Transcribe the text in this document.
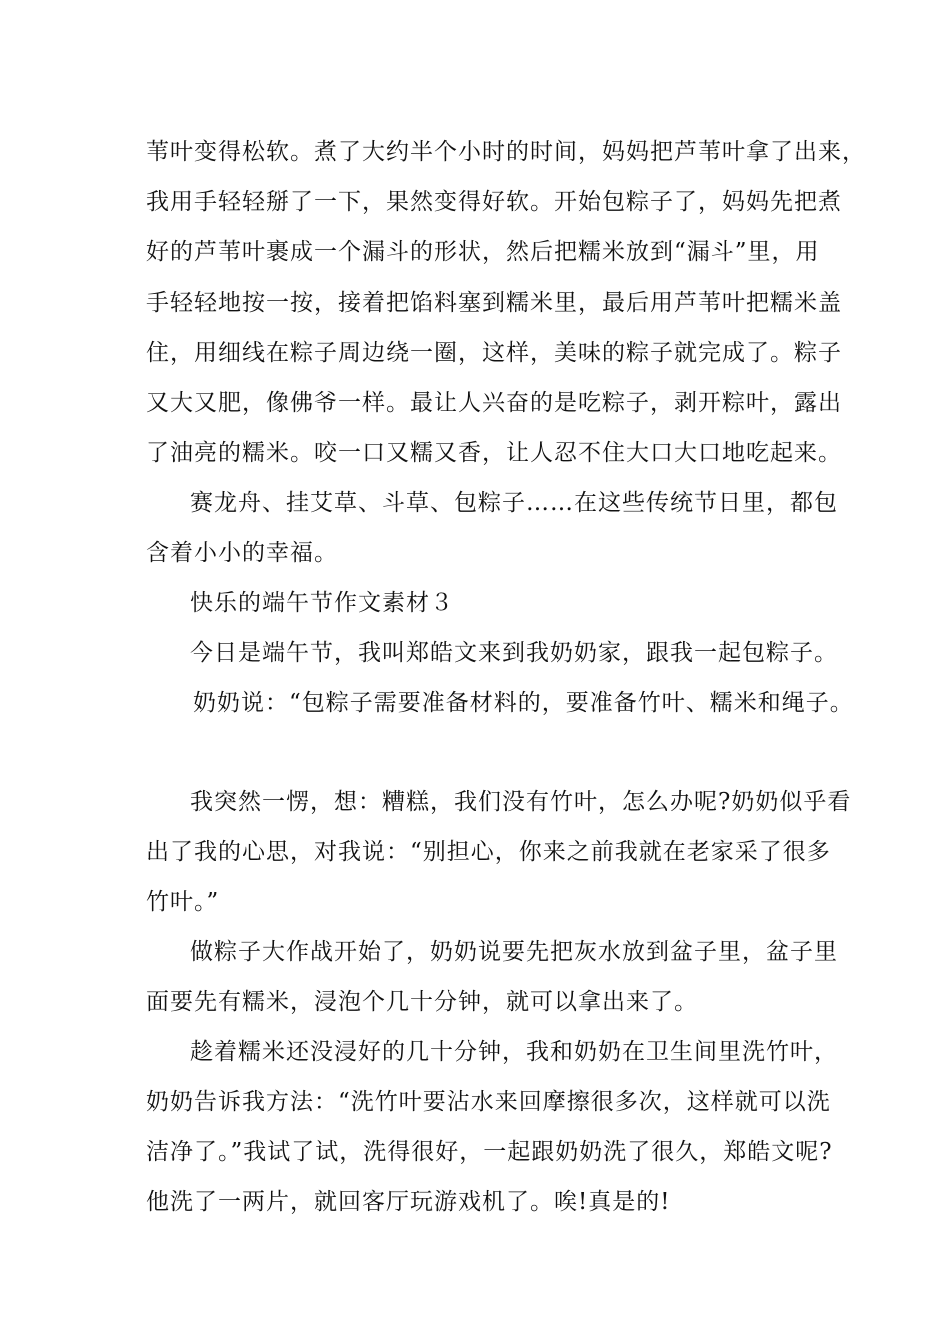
苇叶变得松软。煮了大约半个小时的时间，妈妈把芦苇叶拿了出来，
我用手轻轻掰了一下，果然变得好软。开始包粽子了，妈妈先把煮
好的芦苇叶裹成一个漏斗的形状，然后把糯米放到“漏斗”里，用
手轻轻地按一按，接着把馅料塞到糯米里，最后用芦苇叶把糯米盖
住，用细线在粽子周边绕一圈，这样，美味的粽子就完成了。粽子
又大又肥，像佛爷一样。最让人兴奋的是吃粽子，剥开粽叶，露出
了油亮的糯米。咬一口又糯又香，让人忍不住大口大口地吃起来。
赛龙舟、挂艾草、斗草、包粽子……在这些传统节日里，都包
含着小小的幸福。
快乐的端午节作文素材３
今日是端午节，我叫郑皓文来到我奶奶家，跟我一起包粽子。
奶奶说：“包粽子需要准备材料的，要准备竹叶、糯米和绳子。
我突然一愣，想：糟糕，我们没有竹叶，怎么办呢?奶奶似乎看
出了我的心思，对我说：“别担心，你来之前我就在老家采了很多
竹叶。”
做粽子大作战开始了，奶奶说要先把灰水放到盆子里，盆子里
面要先有糯米，浸泡个几十分钟，就可以拿出来了。
趁着糯米还没浸好的几十分钟，我和奶奶在卫生间里洗竹叶，
奶奶告诉我方法：“洗竹叶要沾水来回摩擦很多次，这样就可以洗
洁净了。”我试了试，洗得很好，一起跟奶奶洗了很久，郑皓文呢?
他洗了一两片，就回客厅玩游戏机了。唉!真是的!
